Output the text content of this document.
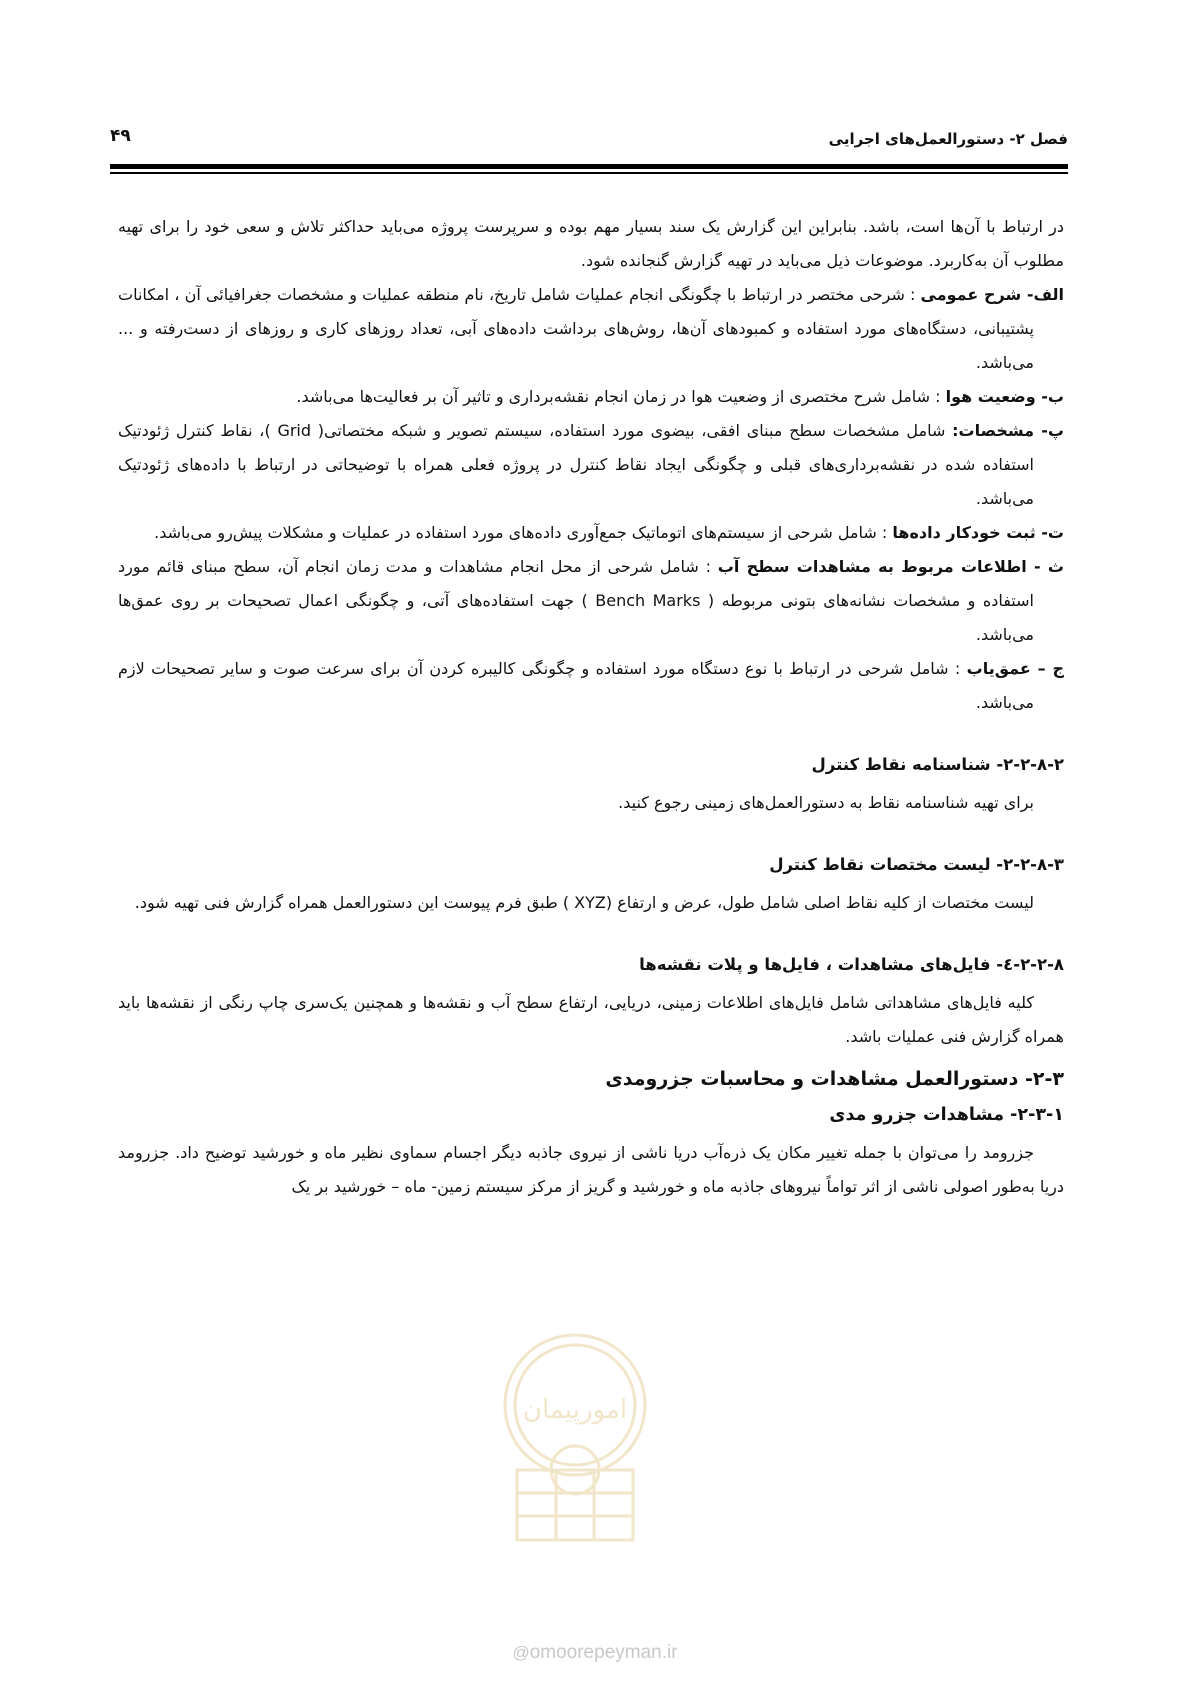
فصل ۲- دستورالعمل‌های اجرایی
۴۹

در ارتباط با آن‌ها است، باشد. بنابراین این گزارش یک سند بسیار مهم بوده و سرپرست پروژه می‌باید حداکثر تلاش و سعی خود را برای تهیه مطلوب آن به‌کاربرد. موضوعات ذیل می‌باید در تهیه گزارش گنجانده شود.

الف- شرح عمومی : شرحی مختصر در ارتباط با چگونگی انجام عملیات شامل تاریخ، نام منطقه عملیات و مشخصات جغرافیائی آن ، امکانات پشتیبانی، دستگاه‌های مورد استفاده و کمبودهای آن‌ها، روش‌های برداشت داده‌های آبی، تعداد روزهای کاری و روزهای از دست‌رفته و ... می‌باشد.

ب- وضعیت هوا : شامل شرح مختصری از وضعیت هوا در زمان انجام نقشه‌برداری و تاثیر آن بر فعالیت‌ها می‌باشد.

پ- مشخصات: شامل مشخصات سطح مبنای افقی، بیضوی مورد استفاده، سیستم تصویر و شبکه مختصاتی( Grid )، نقاط کنترل ژئودتیک استفاده شده در نقشه‌برداری‌های قبلی و چگونگی ایجاد نقاط کنترل در پروژه فعلی همراه با توضیحاتی در ارتباط با داده‌های ژئودتیک می‌باشد.

ت- ثبت خودکار داده‌ها : شامل شرحی از سیستم‌های اتوماتیک جمع‌آوری داده‌های مورد استفاده در عملیات و مشکلات پیش‌رو می‌باشد.

ث - اطلاعات مربوط به مشاهدات سطح آب : شامل شرحی از محل انجام مشاهدات و مدت زمان انجام آن، سطح مبنای قائم مورد استفاده و مشخصات نشانه‌های بتونی مربوطه ( Bench Marks ) جهت استفاده‌های آتی، و چگونگی اعمال تصحیحات بر روی عمق‌ها می‌باشد.

ج – عمق‌یاب : شامل شرحی در ارتباط با نوع دستگاه مورد استفاده و چگونگی کالیبره کردن آن برای سرعت صوت و سایر تصحیحات لازم می‌باشد.

۲-۲-۸-۲- شناسنامه نقاط کنترل

برای تهیه شناسنامه نقاط به دستورالعمل‌های زمینی رجوع کنید.

۲-۲-۸-۳- لیست مختصات نقاط کنترل

لیست مختصات از کلیه نقاط اصلی شامل طول، عرض و ارتفاع (XYZ ) طبق فرم پیوست این دستورالعمل همراه گزارش فنی تهیه شود.

۲-۲-۸-٤- فایل‌های مشاهدات ، فایل‌ها و پلات نقشه‌ها

کلیه فایل‌های مشاهداتی شامل فایل‌های اطلاعات زمینی، دریایی، ارتفاع سطح آب و نقشه‌ها و همچنین یک‌سری چاپ رنگی از نقشه‌ها باید همراه گزارش فنی عملیات باشد.

۲-۳- دستورالعمل مشاهدات و محاسبات جزرومدی

۲-۳-۱- مشاهدات جزرو مدی

جزرومد را می‌توان با جمله تغییر مکان یک ذره‌آب دریا ناشی از نیروی جاذبه دیگر اجسام سماوی نظیر ماه و خورشید توضیح داد. جزرومد دریا به‌طور اصولی ناشی از اثر تواماً نیروهای جاذبه ماه و خورشید و گریز از مرکز سیستم زمین- ماه – خورشید بر یک

امورپیمان
@omoorepeyman.ir
